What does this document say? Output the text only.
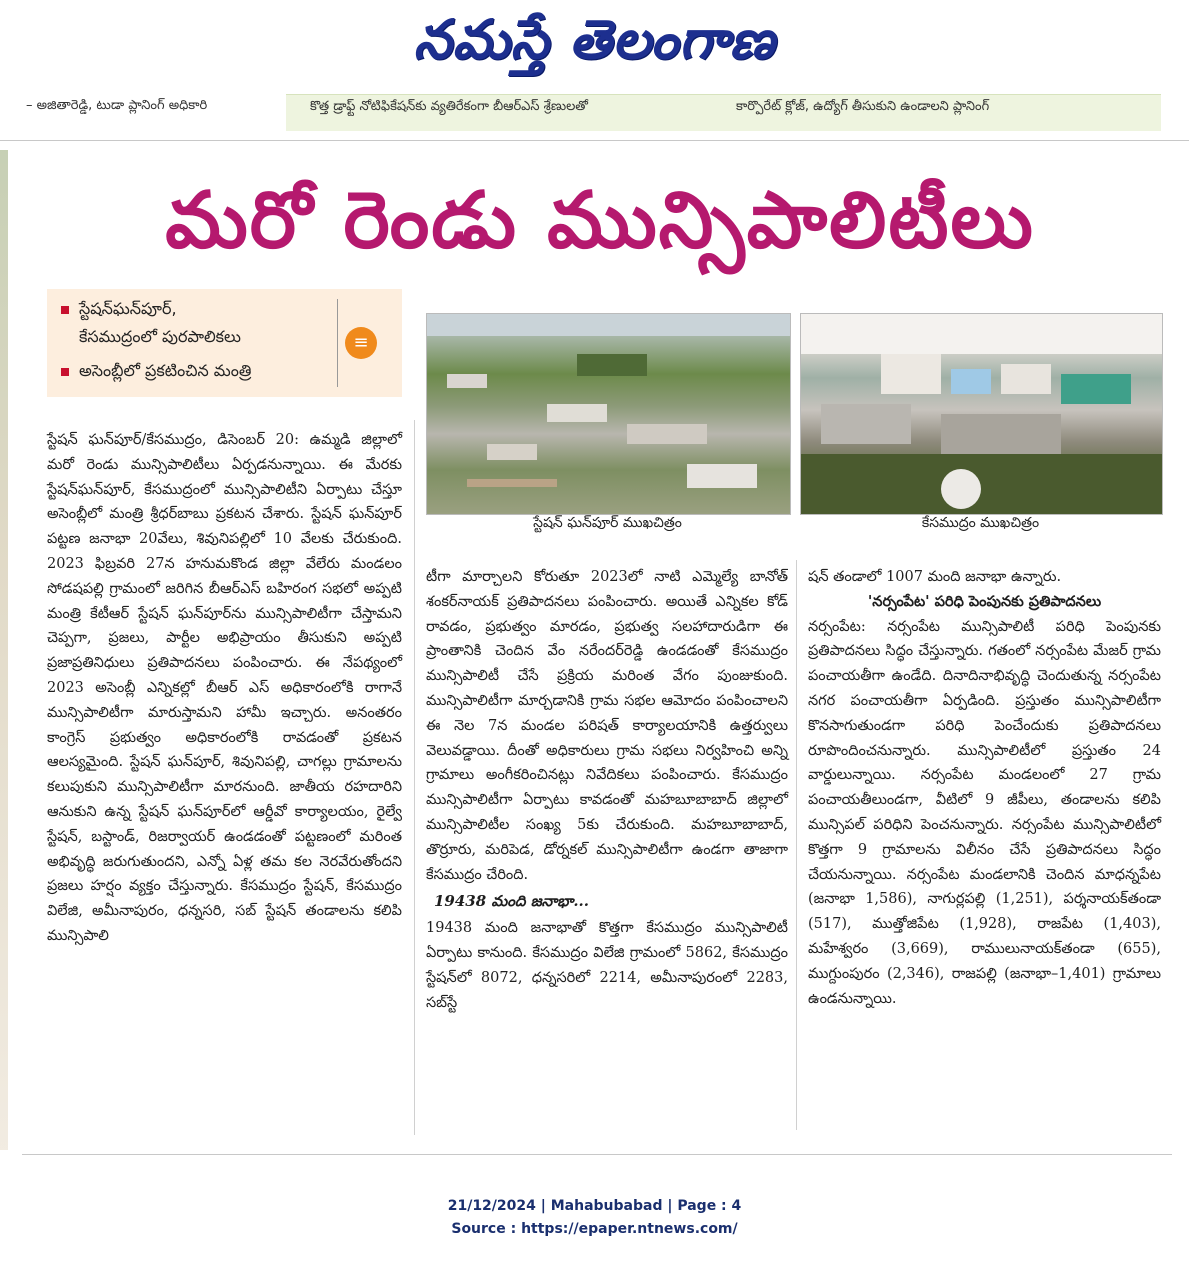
నమస్తే తెలంగాణ
– అజితారెడ్డి, టుడా ప్లానింగ్ అధికారి	కొత్త డ్రాఫ్ట్ నోటిఫికేషన్‌కు వ్యతిరేకంగా బీఆర్ఎస్ శ్రేణులతో	కార్పొరేట్ క్లోజ్, ఉద్యోగ్ తీసుకుని ఉండాలని ప్లానింగ్
మరో రెండు మున్సిపాలిటీలు
స్టేషన్‌ఘన్‌పూర్,
కేసముద్రంలో పురపాలికలు
అసెంబ్లీలో ప్రకటించిన మంత్రి
≡
స్టేషన్ ఘన్‌పూర్ ముఖచిత్రం	కేసముద్రం ముఖచిత్రం

స్టేషన్ ఘన్‌పూర్/కేసముద్రం, డిసెంబర్ 20: ఉమ్మడి జిల్లాలో మరో రెండు మున్సిపాలిటీలు ఏర్పడనున్నాయి. ఈ మేరకు స్టేషన్‌ఘన్‌పూర్, కేసముద్రంలో మున్సిపాలిటీని ఏర్పాటు చేస్తూ అసెంబ్లీలో మంత్రి శ్రీధర్‌బాబు ప్రకటన చేశారు. స్టేషన్ ఘన్‌పూర్ పట్టణ జనాభా 20వేలు, శివునిపల్లిలో 10 వేలకు చేరుకుంది. 2023 ఫిబ్రవరి 27న హనుమకొండ జిల్లా వేలేరు మండలం సోడషపల్లి గ్రామంలో జరిగిన బీఆర్ఎస్ బహిరంగ సభలో అప్పటి మంత్రి కేటీఆర్ స్టేషన్ ఘన్‌పూర్‌ను మున్సిపాలిటీగా చేస్తామని చెప్పగా, ప్రజలు, పార్టీల అభిప్రాయం తీసుకుని అప్పటి ప్రజాప్రతినిధులు ప్రతిపాదనలు పంపించారు. ఈ నేపథ్యంలో 2023 అసెంబ్లీ ఎన్నికల్లో బీఆర్ ఎస్ అధికారంలోకి రాగానే మున్సిపాలిటీగా మారుస్తామని హామీ ఇచ్చారు. అనంతరం కాంగ్రెస్ ప్రభుత్వం అధికారంలోకి రావడంతో ప్రకటన ఆలస్యమైంది. స్టేషన్ ఘన్‌పూర్, శివునిపల్లి, చాగల్లు గ్రామాలను కలుపుకుని మున్సిపాలిటీగా మారనుంది. జాతీయ రహదారిని ఆనుకుని ఉన్న స్టేషన్ ఘన్‌పూర్‌లో ఆర్డీవో కార్యాలయం, రైల్వే స్టేషన్, బస్టాండ్, రిజర్వాయర్ ఉండడంతో పట్టణంలో మరింత అభివృద్ధి జరుగుతుందని, ఎన్నో ఏళ్ల తమ కల నెరవేరుతోందని ప్రజలు హర్షం వ్యక్తం చేస్తున్నారు. కేసముద్రం స్టేషన్, కేసముద్రం విలేజి, అమీనాపురం, ధన్నసరి, సబ్ స్టేషన్ తండాలను కలిపి మున్సిపాలి

టీగా మార్చాలని కోరుతూ 2023లో నాటి ఎమ్మెల్యే బానోత్ శంకర్‌నాయక్ ప్రతిపాదనలు పంపించారు. అయితే ఎన్నికల కోడ్ రావడం, ప్రభుత్వం మారడం, ప్రభుత్వ సలహాదారుడిగా ఈ ప్రాంతానికి చెందిన వేం నరేందర్‌రెడ్డి ఉండడంతో కేసముద్రం మున్సిపాలిటీ చేసే ప్రక్రియ మరింత వేగం పుంజుకుంది. మున్సిపాలిటీగా మార్చడానికి గ్రామ సభల ఆమోదం పంపించాలని ఈ నెల 7న మండల పరిషత్ కార్యాలయానికి ఉత్తర్వులు వెలువడ్డాయి. దీంతో అధికారులు గ్రామ సభలు నిర్వహించి అన్ని గ్రామాలు అంగీకరించినట్లు నివేదికలు పంపించారు. కేసముద్రం మున్సిపాలిటీగా ఏర్పాటు కావడంతో మహబూబాబాద్ జిల్లాలో మున్సిపాలిటీల సంఖ్య 5కు చేరుకుంది. మహబూబాబాద్, తొర్రూరు, మరిపెడ, డోర్నకల్ మున్సిపాలిటీగా ఉండగా తాజాగా కేసముద్రం చేరింది.

19438 మంది జనాభా...

19438 మంది జనాభాతో కొత్తగా కేసముద్రం మున్సిపాలిటీ ఏర్పాటు కానుంది. కేసముద్రం విలేజి గ్రామంలో 5862, కేసముద్రం స్టేషన్‌లో 8072, ధన్నసరిలో 2214, అమీనాపురంలో 2283, సబ్‌స్టే

షన్ తండాలో 1007 మంది జనాభా ఉన్నారు.

'నర్సంపేట' పరిధి పెంపునకు ప్రతిపాదనలు

నర్సంపేట: నర్సంపేట మున్సిపాలిటీ పరిధి పెంపునకు ప్రతిపాదనలు సిద్ధం చేస్తున్నారు. గతంలో నర్సంపేట మేజర్ గ్రామ పంచాయతీగా ఉండేది. దినాదినాభివృద్ధి చెందుతున్న నర్సంపేట నగర పంచాయతీగా ఏర్పడింది. ప్రస్తుతం మున్సిపాలిటీగా కొనసాగుతుండగా పరిధి పెంచేందుకు ప్రతిపాదనలు రూపొందించనున్నారు. మున్సిపాలిటీలో ప్రస్తుతం 24 వార్డులున్నాయి. నర్సంపేట మండలంలో 27 గ్రామ పంచాయతీలుండగా, వీటిలో 9 జీపీలు, తండాలను కలిపి మున్సిపల్ పరిధిని పెంచనున్నారు. నర్సంపేట మున్సిపాలిటీలో కొత్తగా 9 గ్రామాలను విలీనం చేసే ప్రతిపాదనలు సిద్ధం చేయనున్నాయి. నర్సంపేట మండలానికి చెందిన మాధన్నపేట (జనాభా 1,586), నాగుర్లపల్లి (1,251), పర్శనాయక్‌తండా (517), ముత్తోజిపేట (1,928), రాజపేట (1,403), మహేశ్వరం (3,669), రాములునాయక్‌తండా (655), ముగ్దుంపురం (2,346), రాజపల్లి (జనాభా–1,401) గ్రామాలు ఉండనున్నాయి.

21/12/2024 | Mahabubabad | Page : 4
Source : https://epaper.ntnews.com/
